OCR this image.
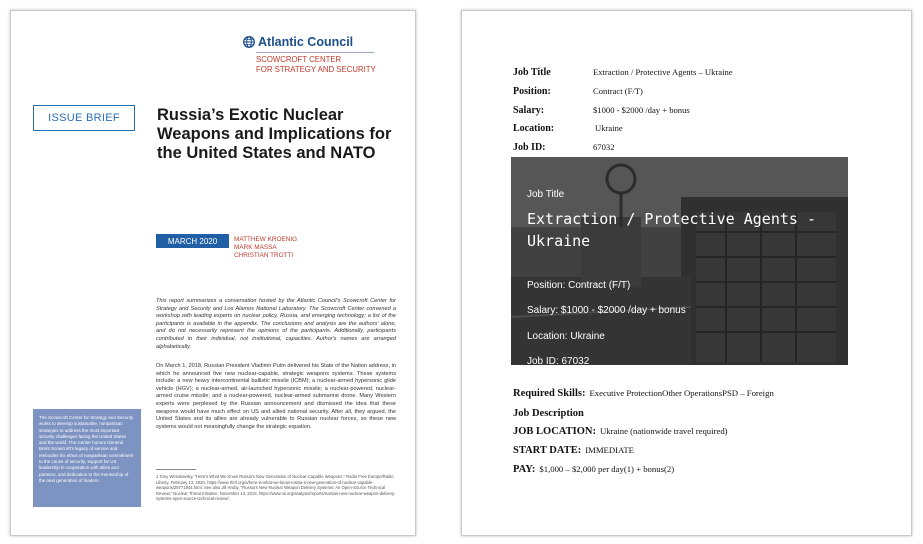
Atlantic Council
SCOWCROFT CENTER
FOR STRATEGY AND SECURITY
ISSUE BRIEF	Russia’s Exotic Nuclear Weapons and Implications for the United States and NATO
MARCH 2020	MATTHEW KROENIG
MARK MASSA
CHRISTIAN TROTTI
This report summarizes a conversation hosted by the Atlantic Council's Scowcroft Center for Strategy and Security and Los Alamos National Laboratory. The Scowcroft Center convened a workshop with leading experts on nuclear policy, Russia, and emerging technology; a list of the participants is available in the appendix. The conclusions and analysis are the authors' alone, and do not necessarily represent the opinions of the participants. Additionally, participants contributed in their individual, not institutional, capacities. Author's names are arranged alphabetically.
On March 1, 2018, Russian President Vladimir Putin delivered his State of the Nation address, in which he announced five new nuclear-capable, strategic weapons systems. These systems include: a new heavy intercontinental ballistic missile (ICBM); a nuclear-armed hypersonic glide vehicle (HGV); a nuclear-armed, air-launched hypersonic missile; a nuclear-powered, nuclear-armed cruise missile; and a nuclear-powered, nuclear-armed submarine drone. Many Western experts were perplexed by the Russian announcement and dismissed the idea that these weapons would have much effect on US and allied national security. After all, they argued, the United States and its allies are already vulnerable to Russian nuclear forces, so these new systems would not meaningfully change the strategic equation.
1 Tony Wesolowsky, "Here's What We Know Russia's New Generation of Nuclear-Capable Weapons," Radio Free Europe/Radio Liberty, February 13, 2020, https://www.rferl.org/a/here-is-what-we-know-russia-s-new-generation-of-nuclear-capable-weapons/29771944.html. See also Jill Hruby, "Russia's New Nuclear Weapon Delivery Systems: An Open-Source Technical Review," Nuclear Threat Initiative, November 13, 2019, https://www.nti.org/analysis/reports/russias-new-nuclear-weapon-delivery-systems-open-source-technical-review/.
The Scowcroft Center for Strategy and Security works to develop sustainable, nonpartisan strategies to address the most important security challenges facing the United States and the world. The Center honors General Brent Scowcroft's legacy of service and embodies his ethos of nonpartisan commitment to the cause of security, support for US leadership in cooperation with allies and partners, and dedication to the mentorship of the next generation of leaders.
Job Title	Extraction / Protective Agents – Ukraine
Position:	Contract (F/T)
Salary:	$1000 - $2000 /day + bonus
Location:	Ukraine
Job ID:	67032
Job Title
Extraction / Protective Agents - Ukraine
Position: Contract (F/T)
Salary: $1000 - $2000 /day + bonus
Location: Ukraine
Job ID: 67032
Required Skills: Executive ProtectionOther OperationsPSD – Foreign
Job Description
JOB LOCATION: Ukraine (nationwide travel required)
START DATE: IMMEDIATE
PAY: $1,000 – $2,000 per day(1) + bonus(2)
